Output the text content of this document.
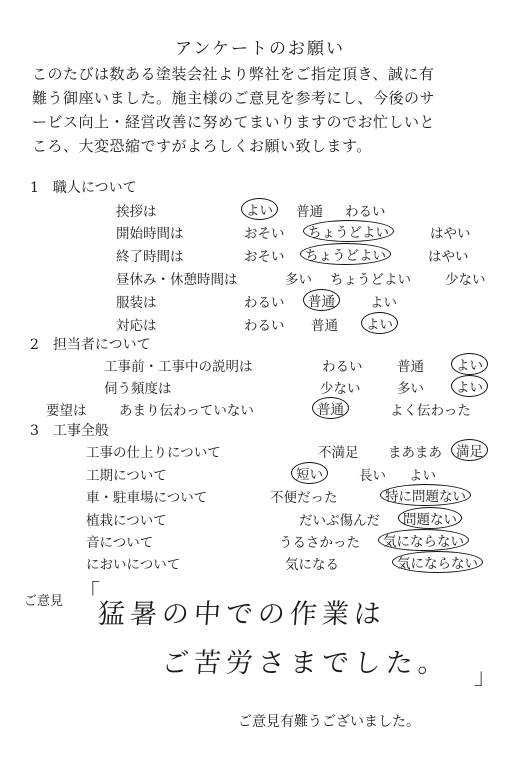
アンケートのお願い
このたびは数ある塗装会社より弊社をご指定頂き、誠に有
難う御座いました。施主様のご意見を参考にし、今後のサ
ービス向上・経営改善に努めてまいりますのでお忙しいと
ころ、大変恐縮ですがよろしくお願い致します。
1　職人について
挨拶は	よい	普通 わるい
開始時間は	おそい	ちょうどよい	はやい
終了時間は	おそい	ちょうどよい	はやい
昼休み・休憩時間は	多い ちょうどよい	少ない
服装は	わるい	普通	よい
対応は	わるい 普通	よい
2　担当者について
工事前・工事中の説明は	わるい	普通	よい
伺う頻度は	少ない	多い	よい
要望は あまり伝わっていない	普通	よく伝わった
3　工事全般
工事の仕上りについて	不満足 まあまあ	満足
工期について	短い	長い よい
車・駐車場について	不便だった	特に問題ない
植栽について	だいぶ傷んだ	問題ない
音について	うるさかった	気にならない
においについて	気になる	気にならない
ご意見 「
猛暑の中での作業は
ご苦労さまでした。 」
ご意見有難うございました。
